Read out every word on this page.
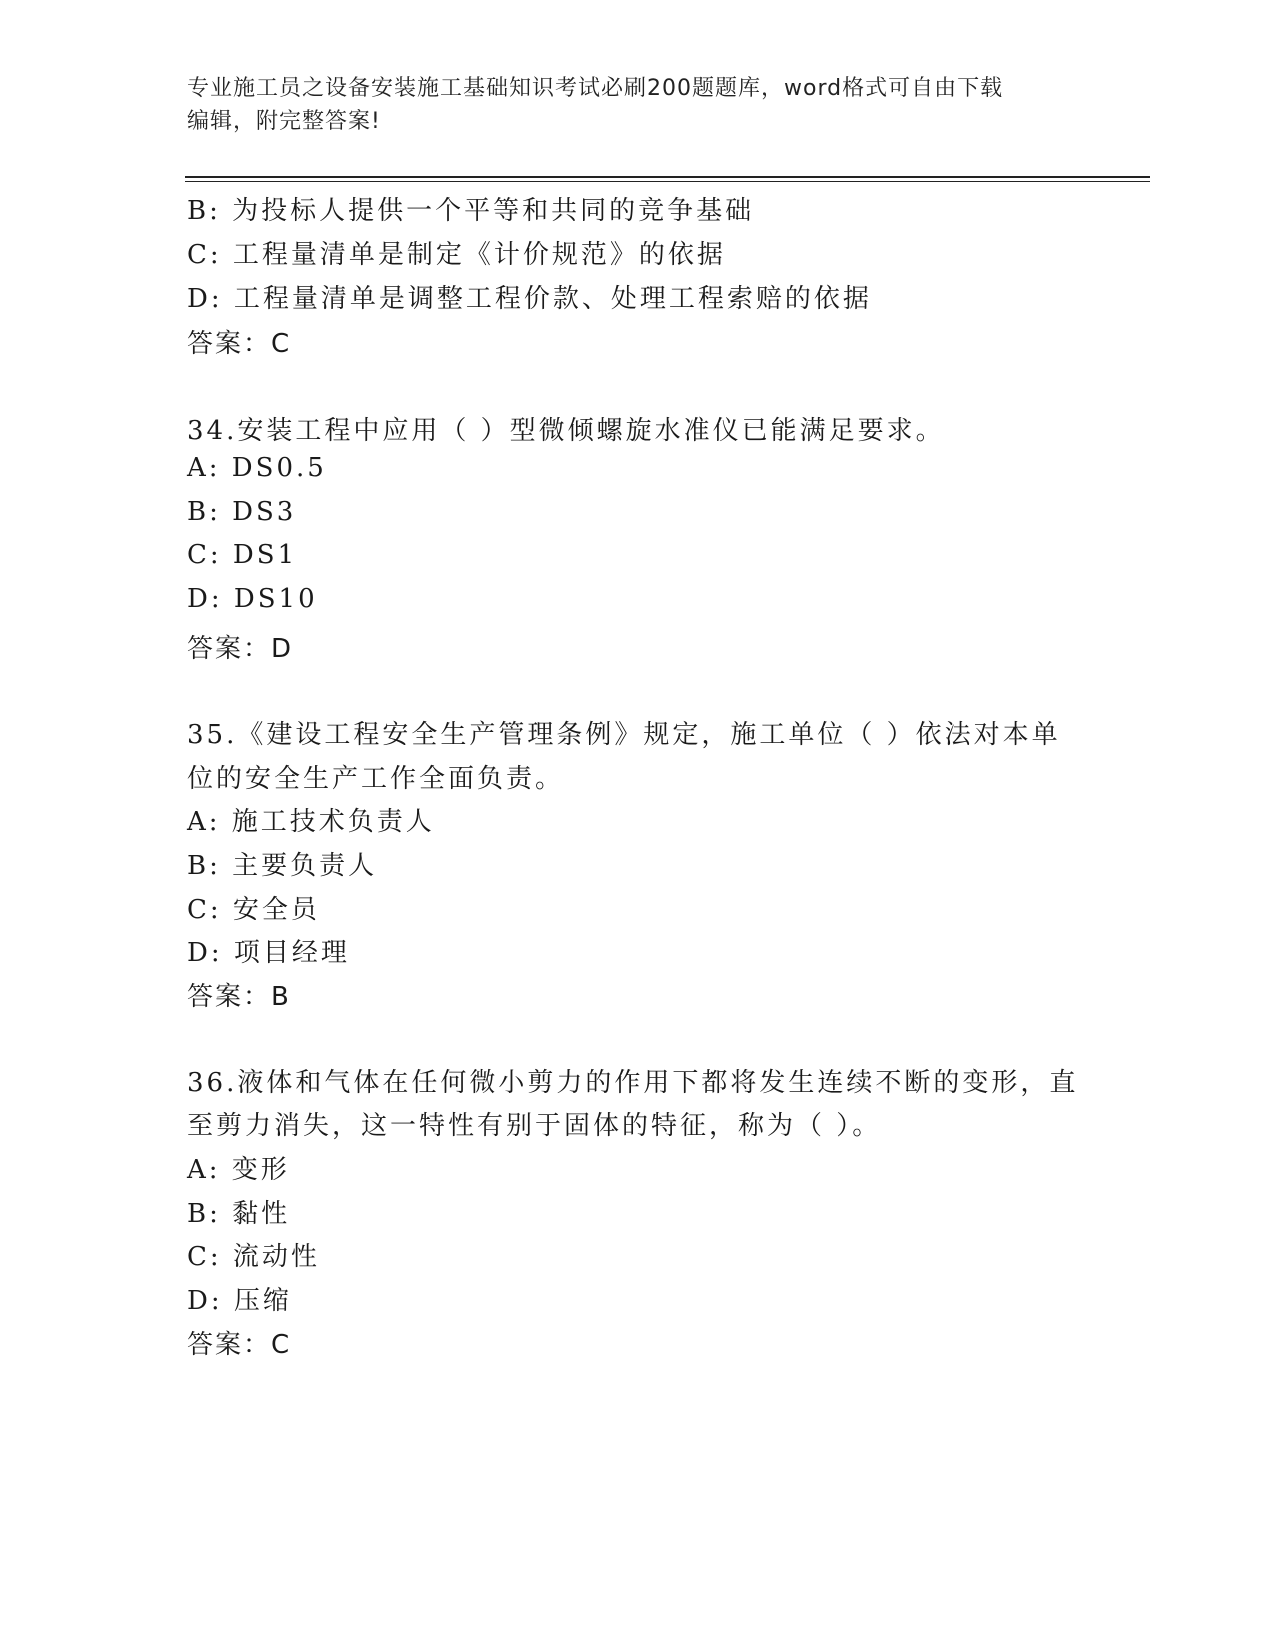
专业施工员之设备安装施工基础知识考试必刷200题题库，word格式可自由下载
编辑，附完整答案!
B: 为投标人提供一个平等和共同的竞争基础
C: 工程量清单是制定《计价规范》的依据
D: 工程量清单是调整工程价款、处理工程索赔的依据
答案：C
34.安装工程中应用（ ）型微倾螺旋水准仪已能满足要求。
A: DS0.5
B: DS3
C: DS1
D: DS10
答案：D
35.《建设工程安全生产管理条例》规定，施工单位（ ）依法对本单
位的安全生产工作全面负责。
A: 施工技术负责人
B: 主要负责人
C: 安全员
D: 项目经理
答案：B
36.液体和气体在任何微小剪力的作用下都将发生连续不断的变形，直
至剪力消失，这一特性有别于固体的特征，称为（ ）。
A: 变形
B: 黏性
C: 流动性
D: 压缩
答案：C
